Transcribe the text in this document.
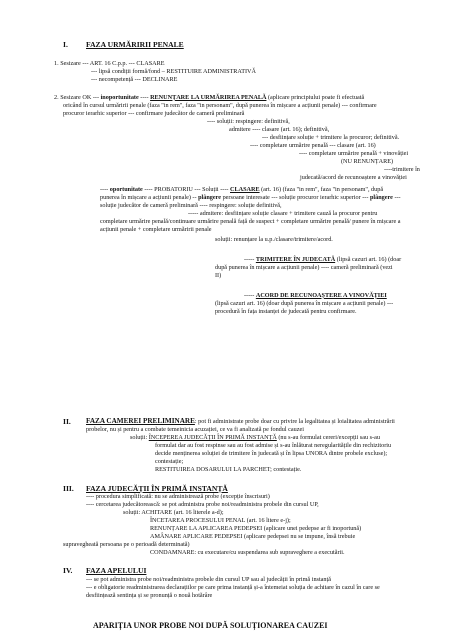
I. FAZA URMĂRIRII PENALE
1. Sesizare --- ART. 16 C.p.p. --- CLASARE
--- lipsă condiții formă/fond – RESTITUIRE ADMINISTRATIVĂ
--- necompetență --- DECLINARE
2. Sesizare OK --- inoportunitate ---- RENUNȚARE LA URMĂRIREA PENALĂ (aplicare principiului poate fi efectuată
oricând în cursul urmăririi penale (faza "in rem", faza "in personam", după punerea în mișcare a acțiunii penale) --- confirmare
procuror ierarhic superior --- confirmare judecător de cameră preliminară
---- soluții: respingere: definitivă,
admitere ---- clasare (art. 16); definitivă,
--- desființare soluție + trimitere la procuror; definitivă.
---- completare urmărire penală --- clasare (art. 16)
---- completare urmărire penală + vinovăției
(NU RENUNȚARE)
----trimitere în
judecată/acord de recunoaștere a vinovăției
---- oportunitate ---- PROBATORIU --- Soluții ---- CLASARE (art. 16) (faza "in rem", faza "in personam", după
punerea în mișcare a acțiunii penale) -- plângere persoane interesate --- soluție procuror ierarhic superior --- plângere ---
soluție judecător de cameră preliminară ---- respingere: soluție definitivă,
----- admitere: desființare soluție clasare + trimitere cauză la procuror pentru
completare urmărire penală/continuare urmărire penală față de suspect + completare urmărire penală/ punere în mișcare a
acțiunii penale + completare urmăririi penale
soluții: renunțare la u.p./clasare/trimitere/acord.
----- TRIMITERE ÎN JUDECATĂ (lipsă cazuri art. 16) (doar
după punerea în mișcare a acțiunii penale) ---- cameră preliminară (vezi
II)
----- ACORD DE RECUNOAȘTERE A VINOVĂȚIEI
(lipsă cazuri art. 16) (doar după punerea în mișcare a acțiunii penale) ---
procedură în fața instanței de judecată pentru confirmare.
II. FAZA CAMEREI PRELIMINARE: pot fi administrate probe doar cu privire la legalitatea și loialitatea administrării
probelor, nu și pentru a combate temeinicia acuzației, ce va fi analizată pe fondul cauzei
soluții: ÎNCEPEREA JUDECĂȚII ÎN PRIMĂ INSTANȚĂ (nu s-au formulat cereri/excepții sau s-au
formulat dar au fost respinse sau au fost admise și s-au înlăturat neregularitățile din rechizitoriu
decide menținerea soluției de trimitere în judecată și în lipsa UNORA dintre probele excluse);
contestație;
RESTITUIREA DOSARULUI LA PARCHET; contestație.
III. FAZA JUDECĂȚII ÎN PRIMĂ INSTANȚĂ
---- procedura simplificată: nu se administrează probe (excepție înscrisuri)
---- cercetarea judecătorească: se pot administra probe noi/readministra probele din cursul UP,
soluții: ACHITARE (art. 16 literele a-d);
ÎNCETAREA PROCESULUI PENAL (art. 16 litere e-j);
RENUNȚARE LA APLICAREA PEDEPSEI (aplicare unei pedepse ar fi inoportună)
AMÂNARE APLICARE PEDEPSEI (aplicare pedepsei nu se impune, însă trebuie
supravegheată persoana pe o perioadă determinată)
CONDAMNARE: cu executare/cu suspendarea sub supraveghere a executării.
IV. FAZA APELULUI
--- se pot administra probe noi/readministra probele din cursul UP sau al judecății în primă instanță
--- e obligatorie readministrarea declarațiilor pe care prima instanță și-a întemeiat soluția de achitare în cazul în care se
desființează sentința și se pronunță o nouă hotărâre
APARIȚIA UNOR PROBE NOI DUPĂ SOLUȚIONAREA CAUZEI
